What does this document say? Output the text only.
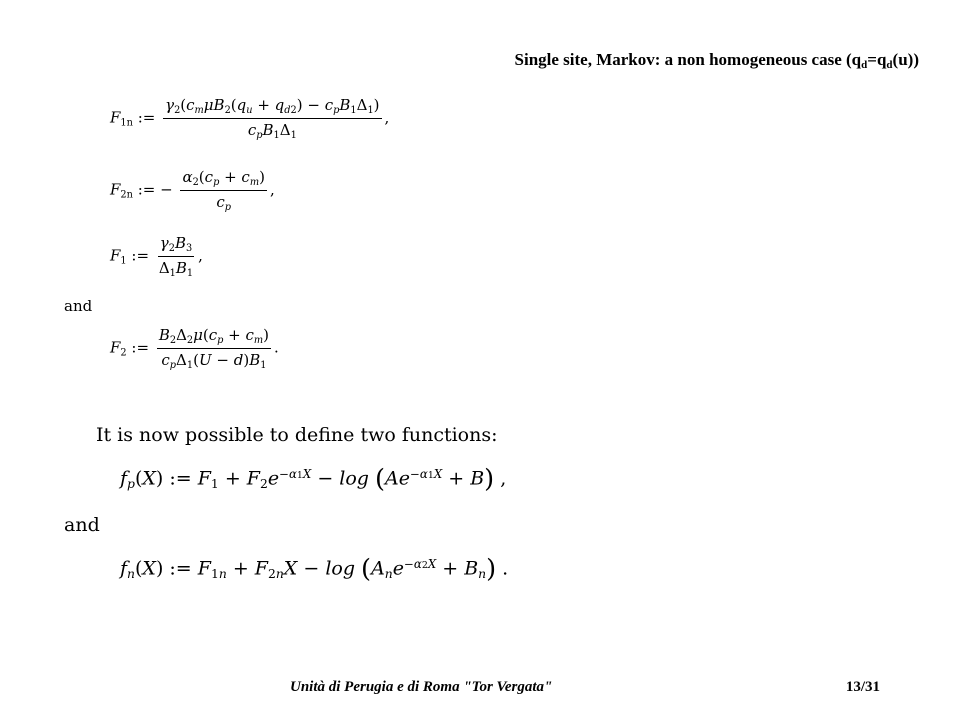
Single site, Markov: a non homogeneous case $(q_d=q_d(u))$
$F_{1n}$ := $\frac{\gamma_2(c_m\mu B_2(q_u + q_{d2}) - c_pB_1\Delta_1)}{c_pB_1\Delta_1}$ ,
$F_{2n}$ := − $\frac{\alpha_2(c_p + c_m)}{c_p}$ ,
$F_1$ := $\frac{\gamma_2B_3}{\Delta_1B_1}$ ,
and
$F_2$ := $\frac{B_2\Delta_2\mu(c_p + c_m)}{c_p\Delta_1(U - d)B_1}$ .
It is now possible to define two functions:
$f_p(X)$ := $F_1 + F_2e^{-\alpha 1X} - \log (Ae^{-\alpha 1X} + B)$ ,
and
$f_n(X)$ := $F_{1n} + F_{2n}X - \log (A_ne^{-\alpha 2X} + B_n)$ .
Unità di Perugia e di Roma "Tor Vergata"	13/31
